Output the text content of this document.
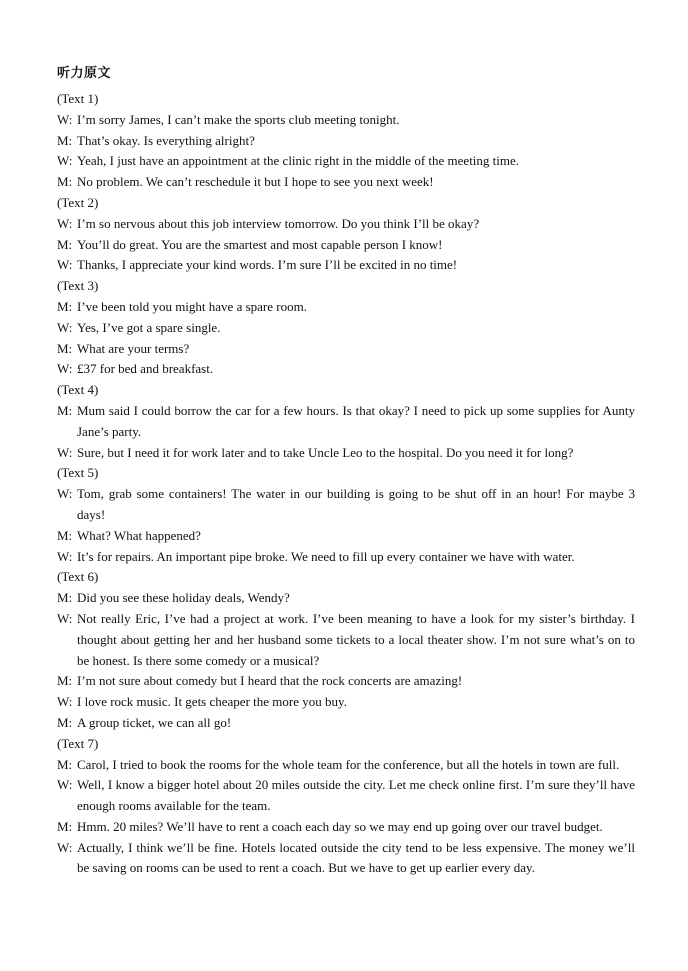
听力原文
(Text 1)
W: I’m sorry James, I can’t make the sports club meeting tonight.
M: That’s okay. Is everything alright?
W: Yeah, I just have an appointment at the clinic right in the middle of the meeting time.
M: No problem. We can’t reschedule it but I hope to see you next week!
(Text 2)
W: I’m so nervous about this job interview tomorrow. Do you think I’ll be okay?
M: You’ll do great. You are the smartest and most capable person I know!
W: Thanks, I appreciate your kind words. I’m sure I’ll be excited in no time!
(Text 3)
M: I’ve been told you might have a spare room.
W: Yes, I’ve got a spare single.
M: What are your terms?
W: £37 for bed and breakfast.
(Text 4)
M: Mum said I could borrow the car for a few hours. Is that okay? I need to pick up some supplies for Aunty Jane’s party.
W: Sure, but I need it for work later and to take Uncle Leo to the hospital. Do you need it for long?
(Text 5)
W: Tom, grab some containers! The water in our building is going to be shut off in an hour! For maybe 3 days!
M: What? What happened?
W: It’s for repairs. An important pipe broke. We need to fill up every container we have with water.
(Text 6)
M: Did you see these holiday deals, Wendy?
W: Not really Eric, I’ve had a project at work. I’ve been meaning to have a look for my sister’s birthday. I thought about getting her and her husband some tickets to a local theater show. I’m not sure what’s on to be honest. Is there some comedy or a musical?
M: I’m not sure about comedy but I heard that the rock concerts are amazing!
W: I love rock music. It gets cheaper the more you buy.
M: A group ticket, we can all go!
(Text 7)
M: Carol, I tried to book the rooms for the whole team for the conference, but all the hotels in town are full.
W: Well, I know a bigger hotel about 20 miles outside the city. Let me check online first. I’m sure they’ll have enough rooms available for the team.
M: Hmm. 20 miles? We’ll have to rent a coach each day so we may end up going over our travel budget.
W: Actually, I think we’ll be fine. Hotels located outside the city tend to be less expensive. The money we’ll be saving on rooms can be used to rent a coach. But we have to get up earlier every day.
